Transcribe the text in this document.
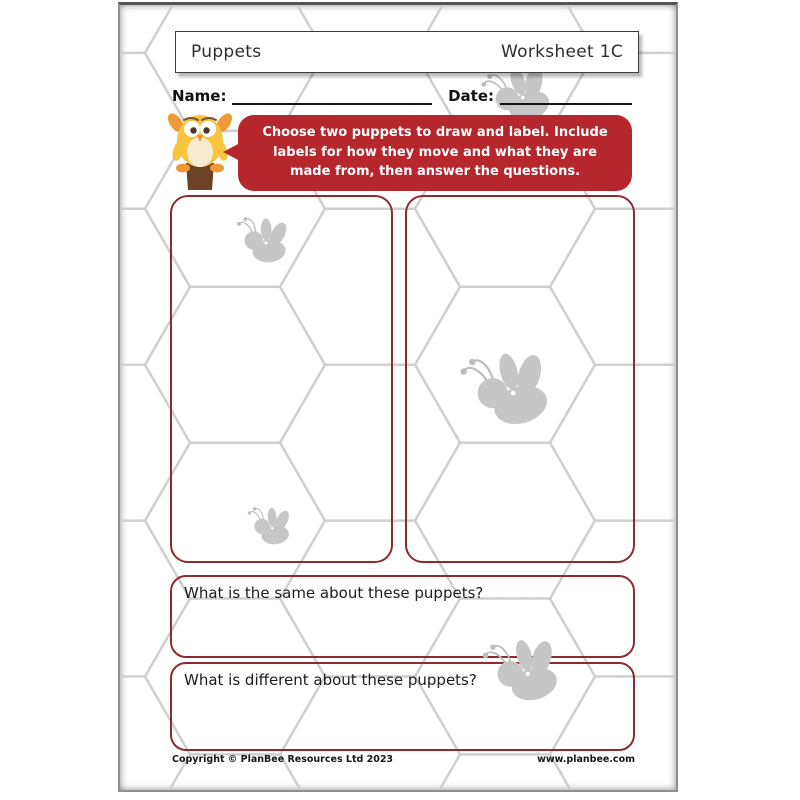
Puppets	Worksheet 1C
Name:	Date:
Choose two puppets to draw and label. Include labels for how they move and what they are made from, then answer the questions.
What is the same about these puppets?
What is different about these puppets?
Copyright © PlanBee Resources Ltd 2023	www.planbee.com
